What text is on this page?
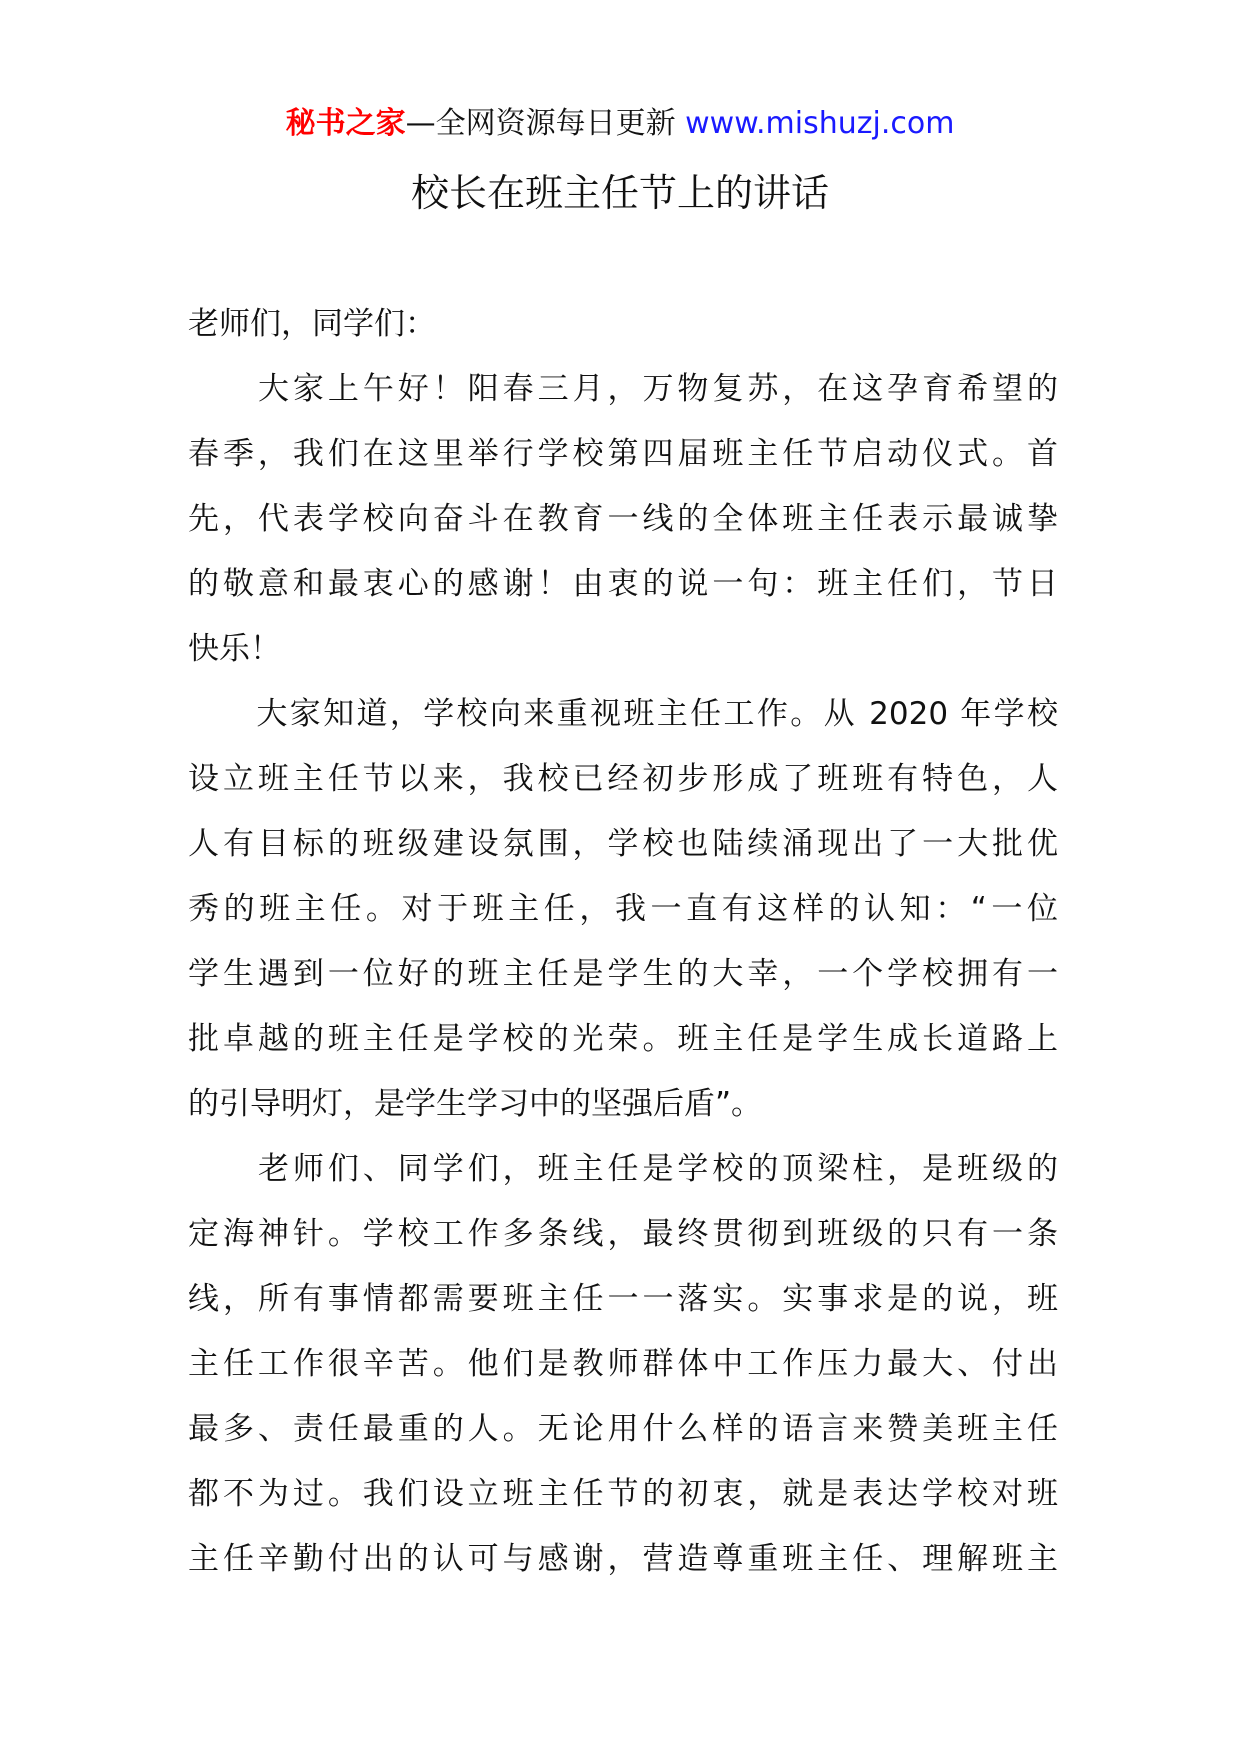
秘书之家—全网资源每日更新 www.mishuzj.com
校长在班主任节上的讲话
老师们，同学们：
大家上午好！阳春三月，万物复苏，在这孕育希望的
春季，我们在这里举行学校第四届班主任节启动仪式。首
先，代表学校向奋斗在教育一线的全体班主任表示最诚挚
的敬意和最衷心的感谢！由衷的说一句：班主任们，节日
快乐！
大家知道，学校向来重视班主任工作。从 2020 年学校
设立班主任节以来，我校已经初步形成了班班有特色，人
人有目标的班级建设氛围，学校也陆续涌现出了一大批优
秀的班主任。对于班主任，我一直有这样的认知：“一位
学生遇到一位好的班主任是学生的大幸，一个学校拥有一
批卓越的班主任是学校的光荣。班主任是学生成长道路上
的引导明灯，是学生学习中的坚强后盾”。
老师们、同学们，班主任是学校的顶梁柱，是班级的
定海神针。学校工作多条线，最终贯彻到班级的只有一条
线，所有事情都需要班主任一一落实。实事求是的说，班
主任工作很辛苦。他们是教师群体中工作压力最大、付出
最多、责任最重的人。无论用什么样的语言来赞美班主任
都不为过。我们设立班主任节的初衷，就是表达学校对班
主任辛勤付出的认可与感谢，营造尊重班主任、理解班主
